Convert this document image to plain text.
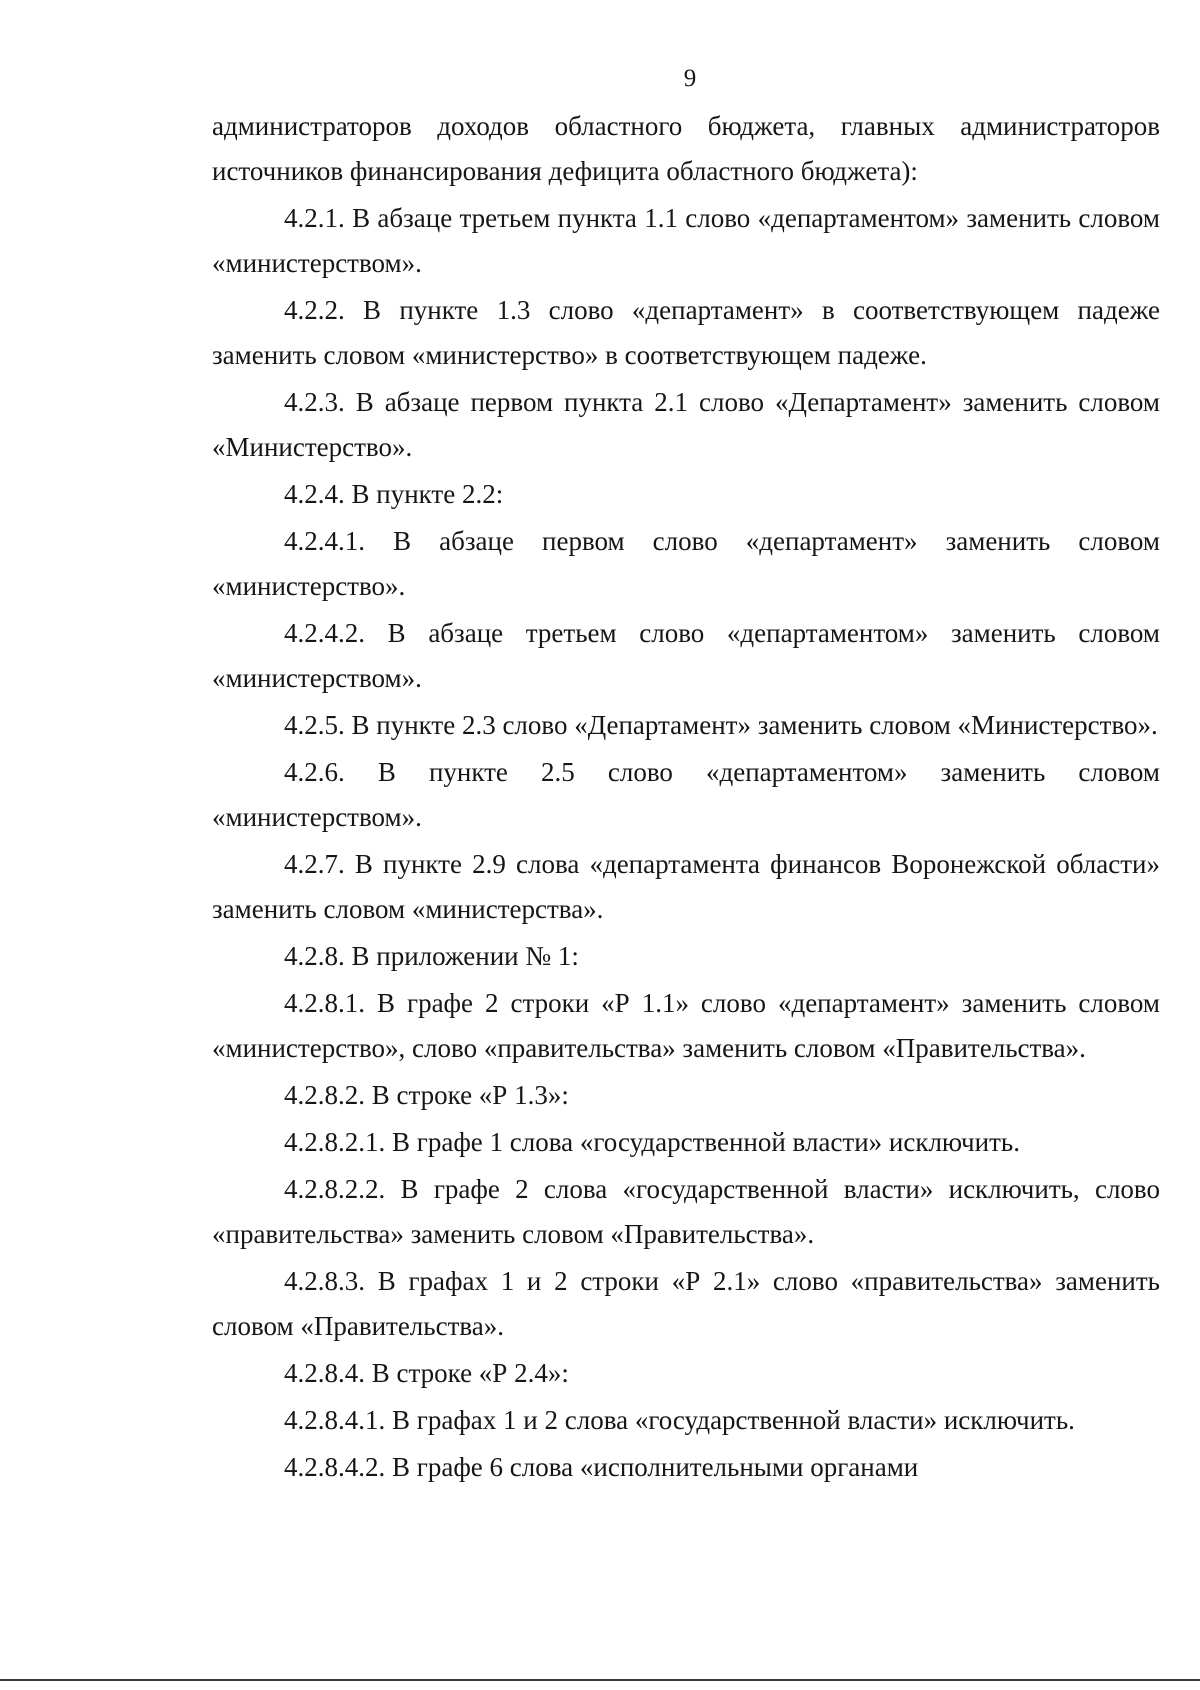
9

администраторов доходов областного бюджета, главных администраторов источников финансирования дефицита областного бюджета):

4.2.1. В абзаце третьем пункта 1.1 слово «департаментом» заменить словом «министерством».

4.2.2. В пункте 1.3 слово «департамент» в соответствующем падеже заменить словом «министерство» в соответствующем падеже.

4.2.3. В абзаце первом пункта 2.1 слово «Департамент» заменить словом «Министерство».

4.2.4. В пункте 2.2:

4.2.4.1. В абзаце первом слово «департамент» заменить словом «министерство».

4.2.4.2. В абзаце третьем слово «департаментом» заменить словом «министерством».

4.2.5. В пункте 2.3 слово «Департамент» заменить словом «Министерство».

4.2.6. В пункте 2.5 слово «департаментом» заменить словом «министерством».

4.2.7. В пункте 2.9 слова «департамента финансов Воронежской области» заменить словом «министерства».

4.2.8. В приложении № 1:

4.2.8.1. В графе 2 строки «Р 1.1» слово «департамент» заменить словом «министерство», слово «правительства» заменить словом «Правительства».

4.2.8.2. В строке «Р 1.3»:

4.2.8.2.1. В графе 1 слова «государственной власти» исключить.

4.2.8.2.2. В графе 2 слова «государственной власти» исключить, слово «правительства» заменить словом «Правительства».

4.2.8.3. В графах 1 и 2 строки «Р 2.1» слово «правительства» заменить словом «Правительства».

4.2.8.4. В строке «Р 2.4»:

4.2.8.4.1. В графах 1 и 2 слова «государственной власти» исключить.

4.2.8.4.2. В графе 6 слова «исполнительными органами
